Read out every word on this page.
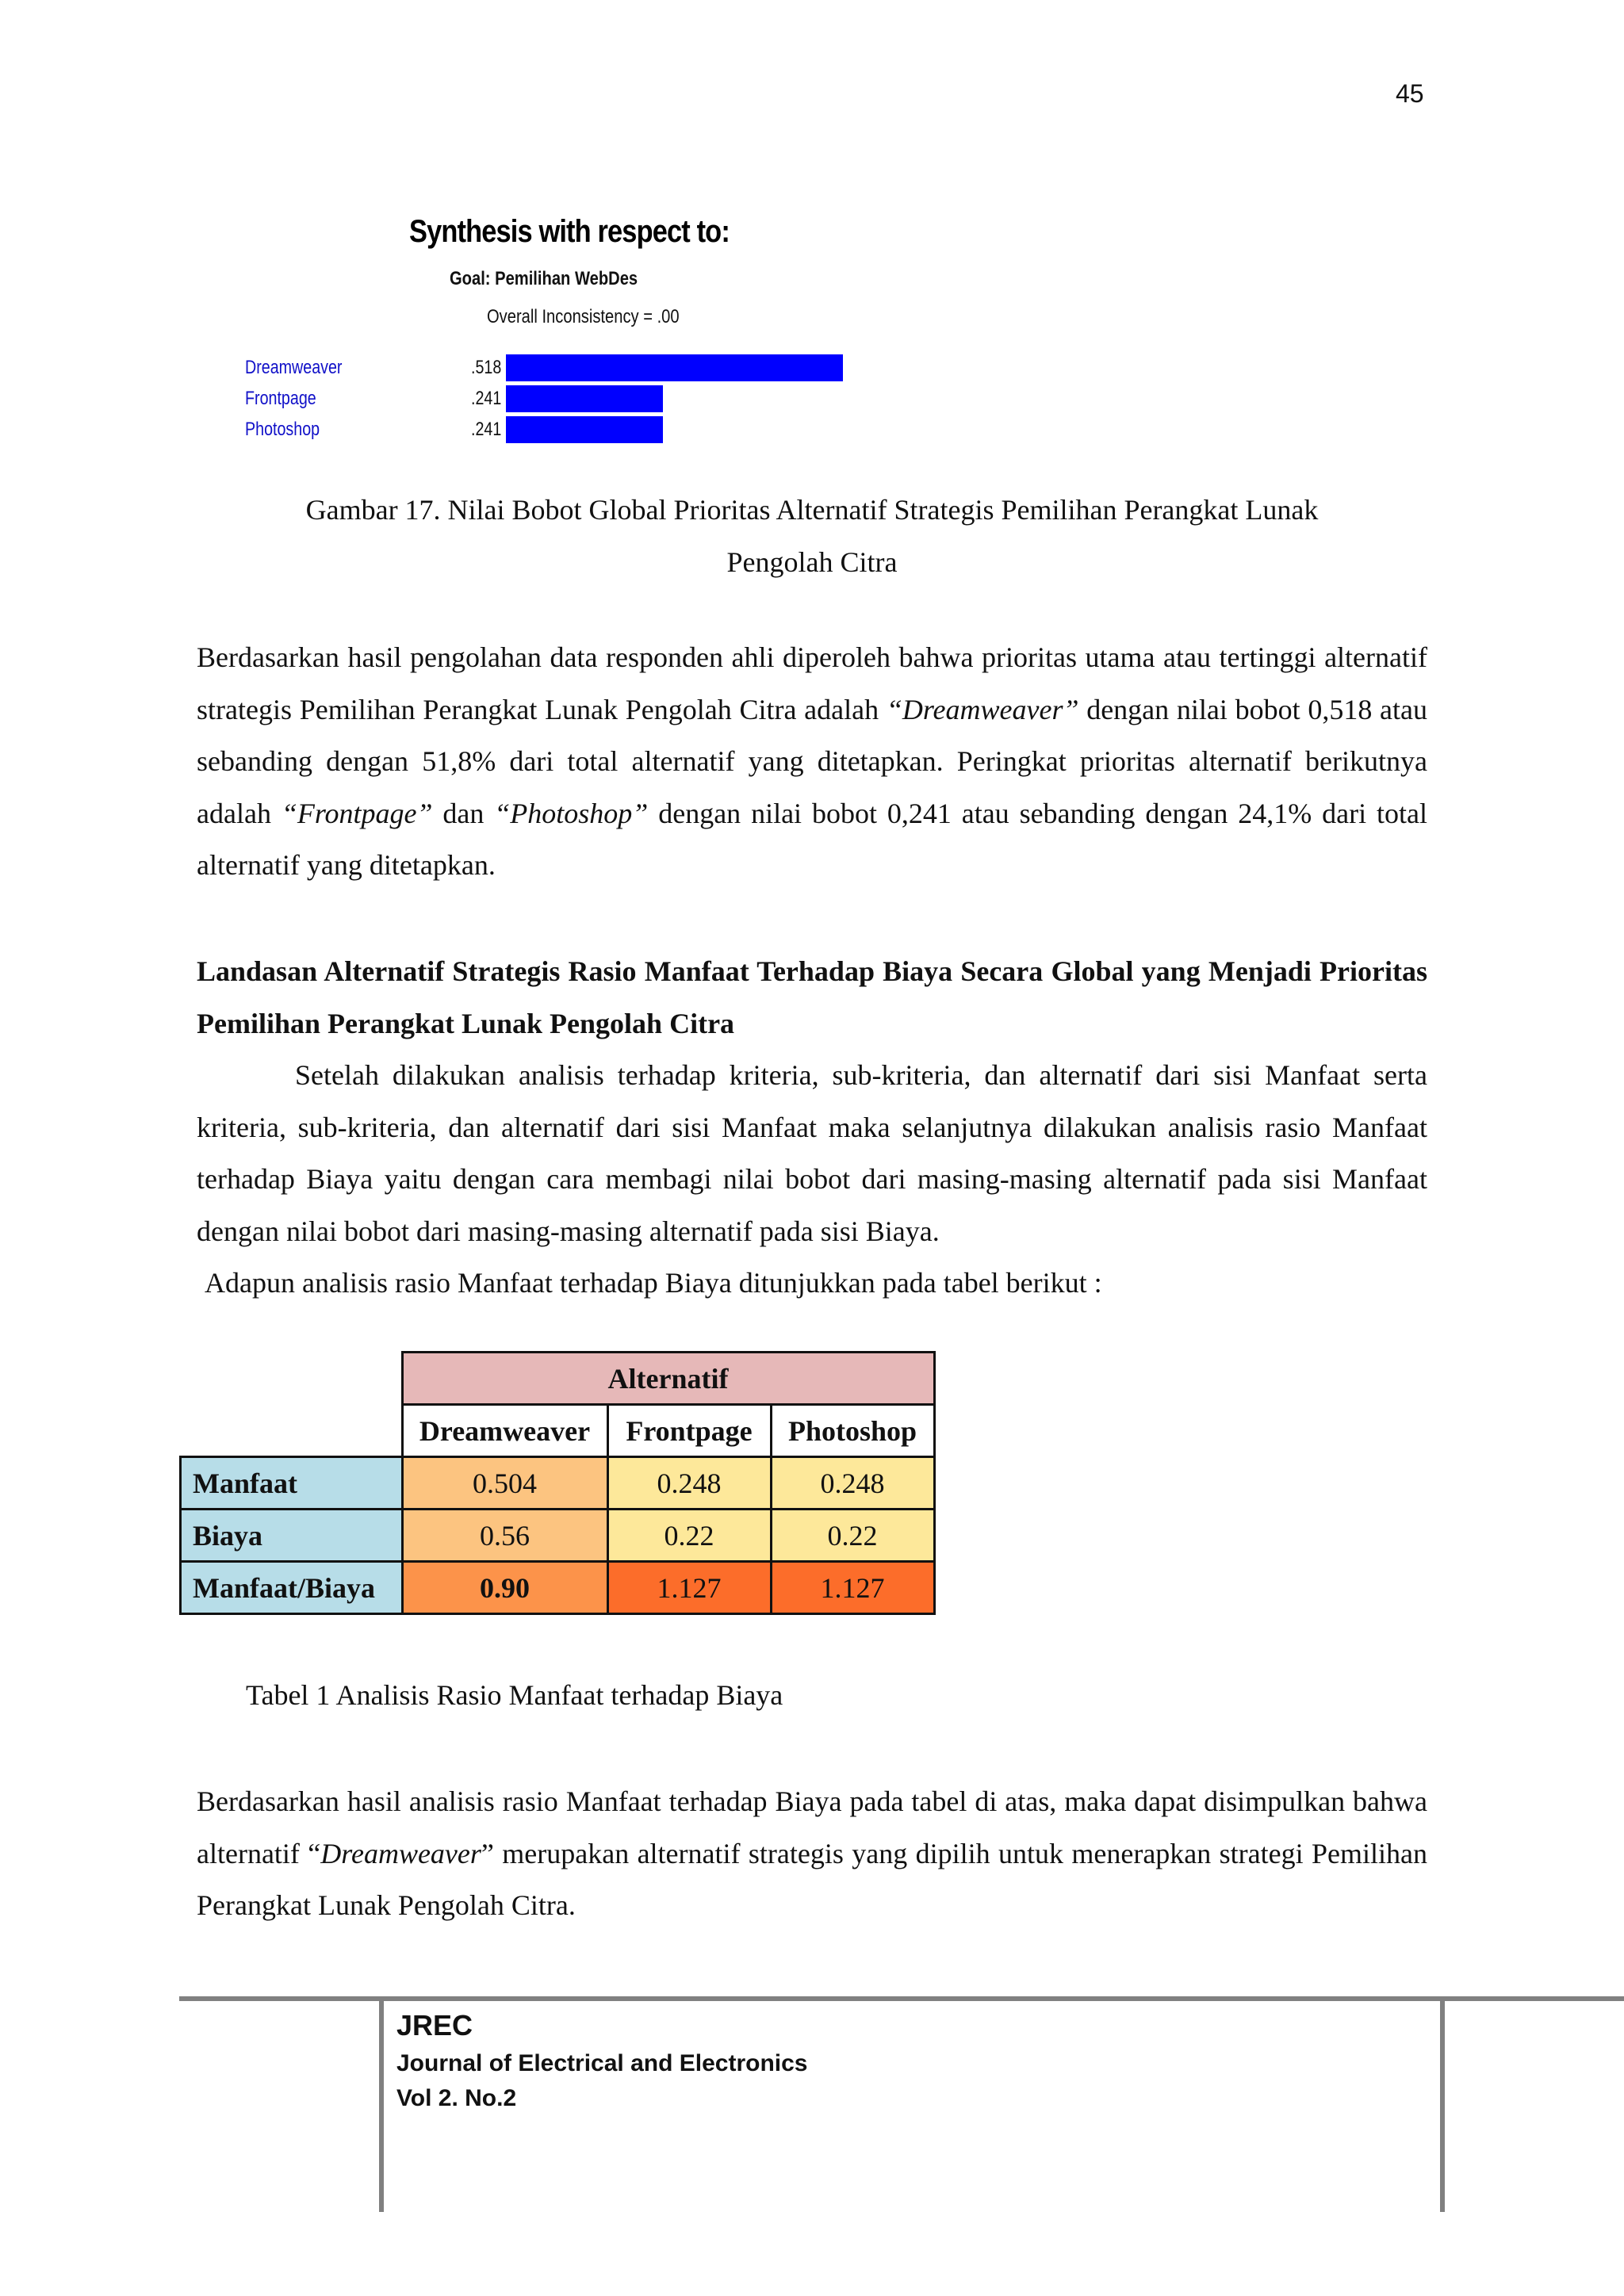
45
Synthesis with respect to:
Goal: Pemilihan WebDes
Overall Inconsistency = .00
Dreamweaver	.518
Frontpage	.241
Photoshop	.241
Gambar 17. Nilai Bobot Global Prioritas Alternatif Strategis Pemilihan Perangkat Lunak
Pengolah Citra

Berdasarkan hasil pengolahan data responden ahli diperoleh bahwa prioritas utama atau tertinggi alternatif strategis Pemilihan Perangkat Lunak Pengolah Citra adalah “Dreamweaver” dengan nilai bobot 0,518 atau sebanding dengan 51,8% dari total alternatif yang ditetapkan. Peringkat prioritas alternatif berikutnya adalah “Frontpage” dan “Photoshop” dengan nilai bobot 0,241 atau sebanding dengan 24,1% dari total alternatif yang ditetapkan.

Landasan Alternatif Strategis Rasio Manfaat Terhadap Biaya Secara Global yang Menjadi Prioritas Pemilihan Perangkat Lunak Pengolah Citra

Setelah dilakukan analisis terhadap kriteria, sub-kriteria, dan alternatif dari sisi Manfaat serta kriteria, sub-kriteria, dan alternatif dari sisi Manfaat maka selanjutnya dilakukan analisis rasio Manfaat terhadap Biaya yaitu dengan cara membagi nilai bobot dari masing-masing alternatif pada sisi Manfaat dengan nilai bobot dari masing-masing alternatif pada sisi Biaya.

Adapun analisis rasio Manfaat terhadap Biaya ditunjukkan pada tabel berikut :

	Alternatif		
	Dreamweaver	Frontpage	Photoshop
Manfaat	0.504	0.248	0.248
Biaya	0.56	0.22	0.22
Manfaat/Biaya	0.90	1.127	1.127
Tabel 1 Analisis Rasio Manfaat terhadap Biaya

Berdasarkan hasil analisis rasio Manfaat terhadap Biaya pada tabel di atas, maka dapat disimpulkan bahwa alternatif “Dreamweaver” merupakan alternatif strategis yang dipilih untuk menerapkan strategi Pemilihan Perangkat Lunak Pengolah Citra.

JREC
Journal of Electrical and Electronics
Vol 2. No.2
